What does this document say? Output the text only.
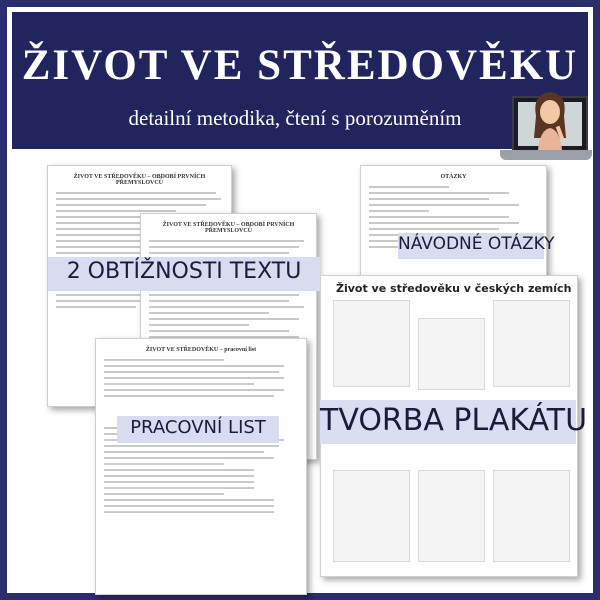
ŽIVOT VE STŘEDOVĚKU
detailní metodika, čtení s porozuměním
ŽIVOT VE STŘEDOVĚKU – OBDOBÍ PRVNÍCH PŘEMYSLOVCŮ
ŽIVOT VE STŘEDOVĚKU – OBDOBÍ PRVNÍCH PŘEMYSLOVCŮ
OTÁZKY
ŽIVOT VE STŘEDOVĚKU – pracovní list
Život ve středověku v českých zemích
2 OBTÍŽNOSTI TEXTU
NÁVODNÉ OTÁZKY
PRACOVNÍ LIST	TVORBA PLAKÁTU
